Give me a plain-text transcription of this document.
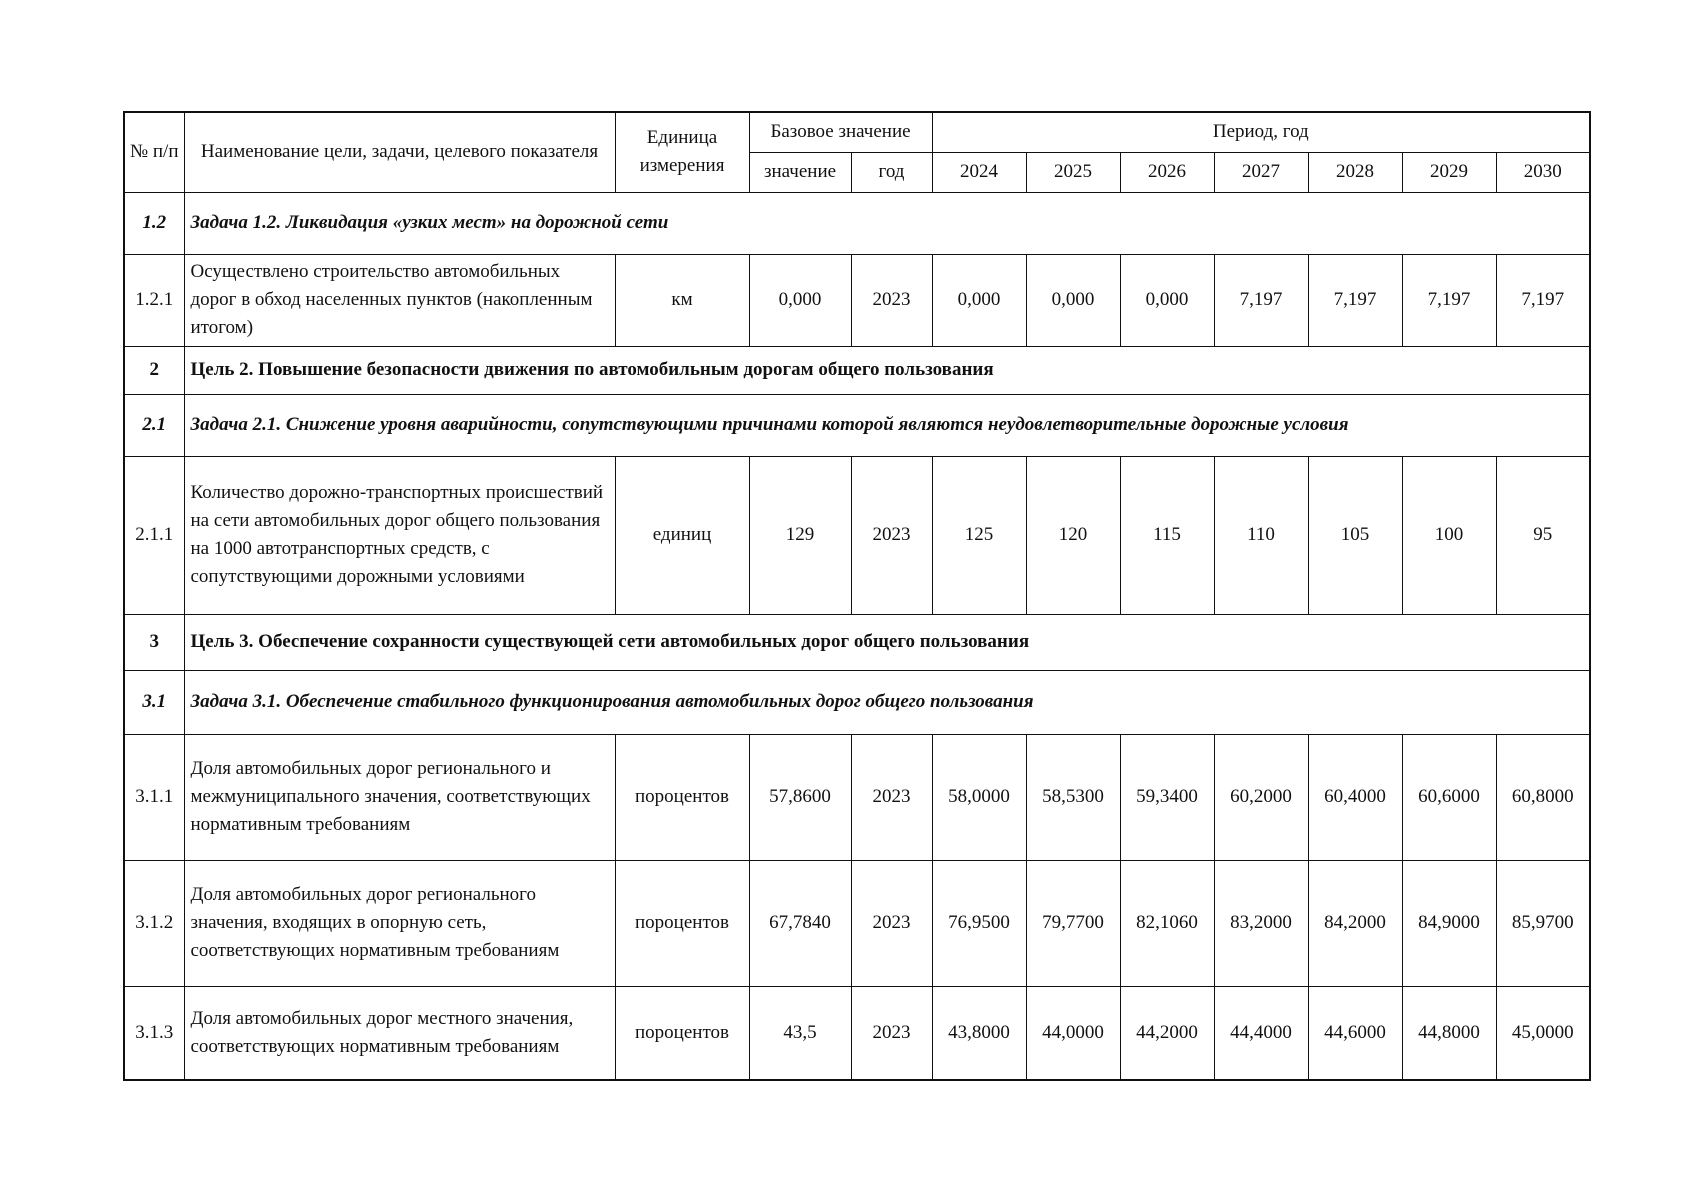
№ п/п	Наименование цели, задачи, целевого показателя	Единица измерения	Базовое значение		Период, год						
			значение	год	2024	2025	2026	2027	2028	2029	2030
1.2	Задача 1.2. Ликвидация «узких мест» на дорожной сети										
1.2.1	Осуществлено строительство автомобильных дорог в обход населенных пунктов (накопленным итогом)	км	0,000	2023	0,000	0,000	0,000	7,197	7,197	7,197	7,197
2	Цель 2. Повышение безопасности движения по автомобильным дорогам общего пользования										
2.1	Задача 2.1. Снижение уровня аварийности, сопутствующими причинами которой являются неудовлетворительные дорожные условия										
2.1.1	Количество дорожно-транспортных происшествий на сети автомобильных дорог общего пользования на 1000 автотранспортных средств, с сопутствующими дорожными условиями	единиц	129	2023	125	120	115	110	105	100	95
3	Цель 3. Обеспечение сохранности существующей сети автомобильных дорог общего пользования										
3.1	Задача 3.1. Обеспечение стабильного функционирования автомобильных дорог общего пользования										
3.1.1	Доля автомобильных дорог регионального и межмуниципального значения, соответствующих нормативным требованиям	пороцентов	57,8600	2023	58,0000	58,5300	59,3400	60,2000	60,4000	60,6000	60,8000
3.1.2	Доля автомобильных дорог регионального значения, входящих в опорную сеть, соответствующих нормативным требованиям	пороцентов	67,7840	2023	76,9500	79,7700	82,1060	83,2000	84,2000	84,9000	85,9700
3.1.3	Доля автомобильных дорог местного значения, соответствующих нормативным требованиям	пороцентов	43,5	2023	43,8000	44,0000	44,2000	44,4000	44,6000	44,8000	45,0000
